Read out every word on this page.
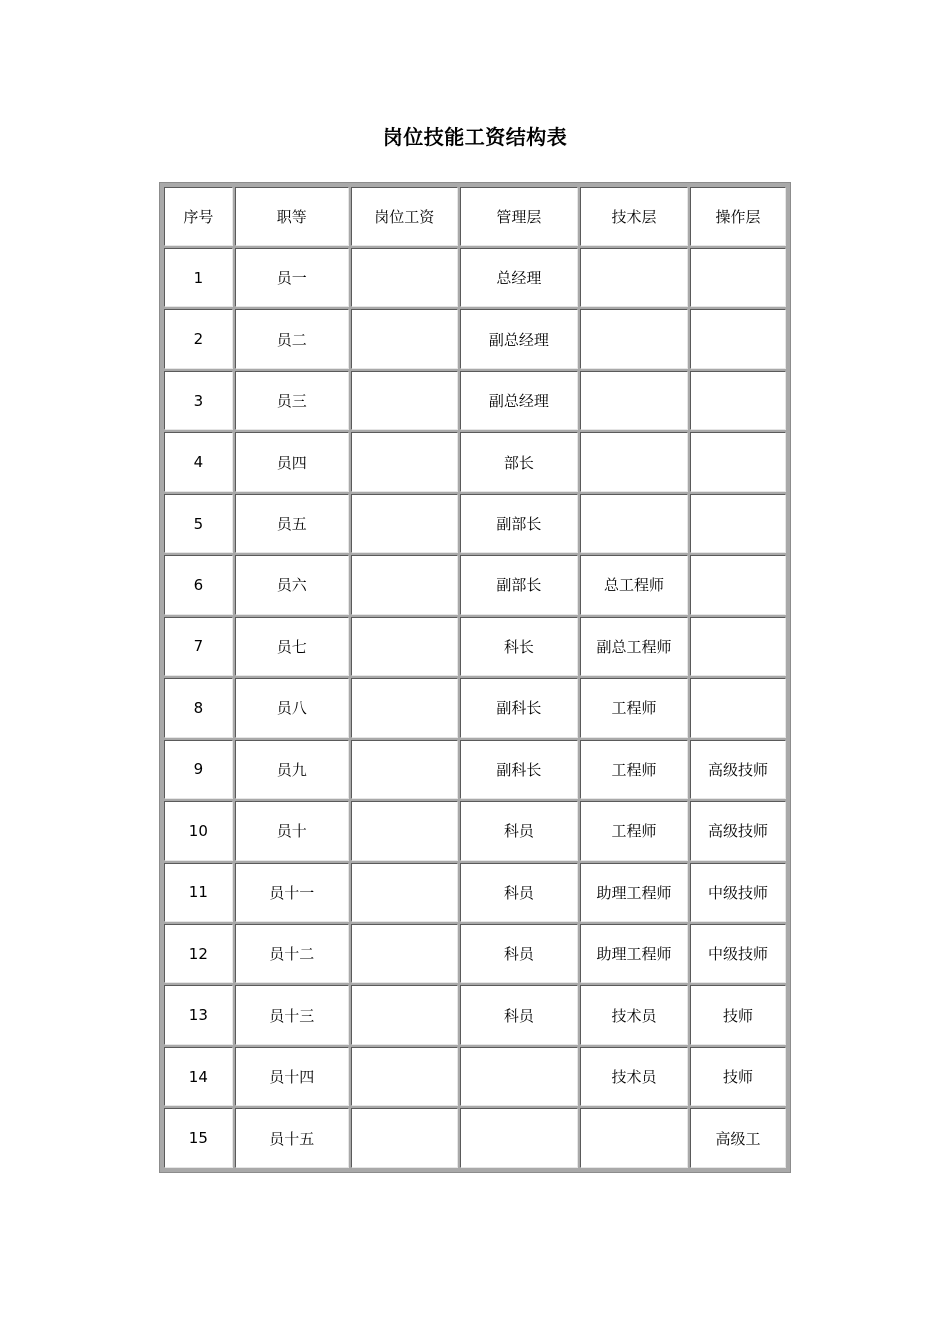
岗位技能工资结构表
序号	职等	岗位工资	管理层	技术层	操作层
1	员一		总经理		
2	员二		副总经理		
3	员三		副总经理		
4	员四		部长		
5	员五		副部长		
6	员六		副部长	总工程师	
7	员七		科长	副总工程师	
8	员八		副科长	工程师	
9	员九		副科长	工程师	高级技师
10	员十		科员	工程师	高级技师
11	员十一		科员	助理工程师	中级技师
12	员十二		科员	助理工程师	中级技师
13	员十三		科员	技术员	技师
14	员十四			技术员	技师
15	员十五				高级工
